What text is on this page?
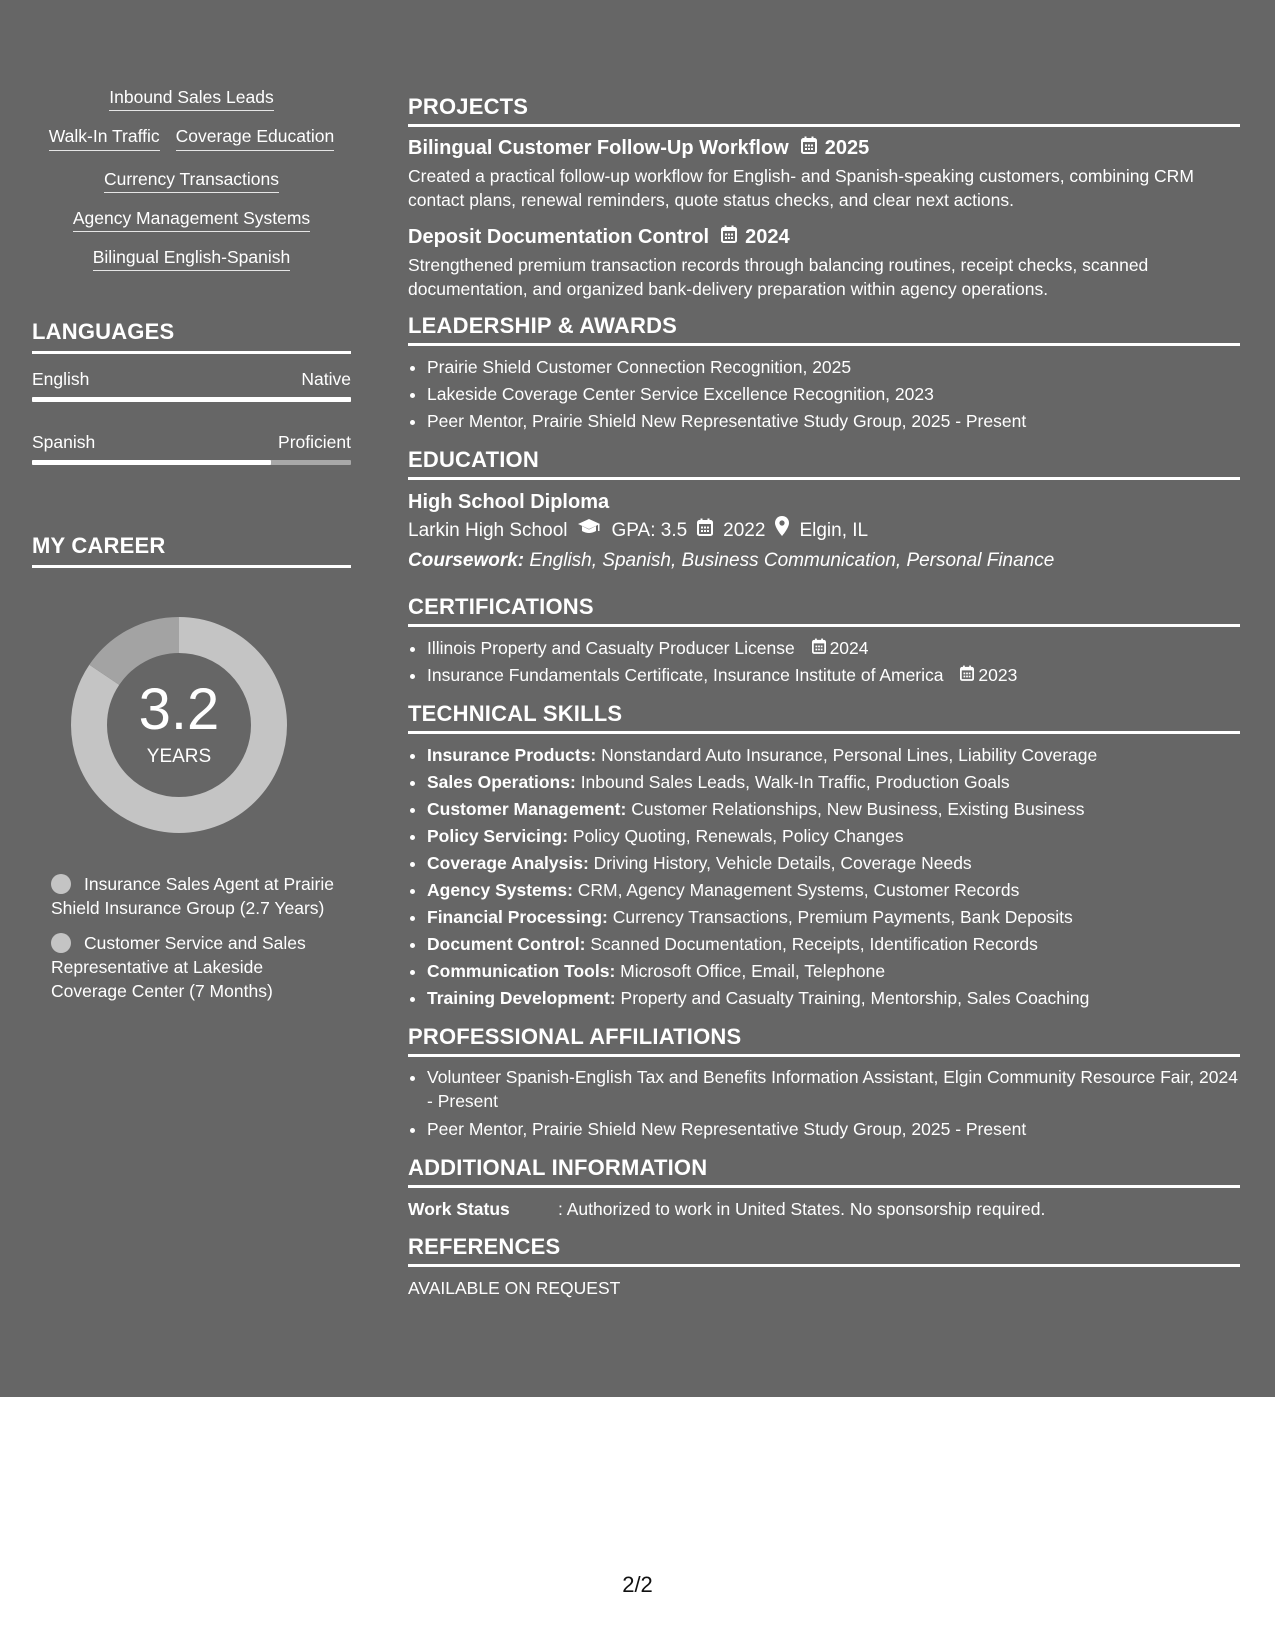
Inbound Sales Leads
Walk-In Traffic Coverage Education
Currency Transactions
Agency Management Systems
Bilingual English-Spanish
LANGUAGES
English	Native
Spanish	Proficient
MY CAREER
3.2
YEARS
Insurance Sales Agent at Prairie Shield Insurance Group (2.7 Years)
Customer Service and Sales Representative at Lakeside Coverage Center (7 Months)
PROJECTS
Bilingual Customer Follow-Up Workflow 2025
Created a practical follow-up workflow for English- and Spanish-speaking customers, combining CRM contact plans, renewal reminders, quote status checks, and clear next actions.
Deposit Documentation Control 2024
Strengthened premium transaction records through balancing routines, receipt checks, scanned documentation, and organized bank-delivery preparation within agency operations.
LEADERSHIP & AWARDS
• Prairie Shield Customer Connection Recognition, 2025
• Lakeside Coverage Center Service Excellence Recognition, 2023
• Peer Mentor, Prairie Shield New Representative Study Group, 2025 - Present
EDUCATION
High School Diploma
Larkin High School GPA: 3.5 2022 Elgin, IL
Coursework: English, Spanish, Business Communication, Personal Finance
CERTIFICATIONS
• Illinois Property and Casualty Producer License 2024
• Insurance Fundamentals Certificate, Insurance Institute of America 2023
TECHNICAL SKILLS
• Insurance Products: Nonstandard Auto Insurance, Personal Lines, Liability Coverage
• Sales Operations: Inbound Sales Leads, Walk-In Traffic, Production Goals
• Customer Management: Customer Relationships, New Business, Existing Business
• Policy Servicing: Policy Quoting, Renewals, Policy Changes
• Coverage Analysis: Driving History, Vehicle Details, Coverage Needs
• Agency Systems: CRM, Agency Management Systems, Customer Records
• Financial Processing: Currency Transactions, Premium Payments, Bank Deposits
• Document Control: Scanned Documentation, Receipts, Identification Records
• Communication Tools: Microsoft Office, Email, Telephone
• Training Development: Property and Casualty Training, Mentorship, Sales Coaching
PROFESSIONAL AFFILIATIONS
• Volunteer Spanish-English Tax and Benefits Information Assistant, Elgin Community Resource Fair, 2024 - Present
• Peer Mentor, Prairie Shield New Representative Study Group, 2025 - Present
ADDITIONAL INFORMATION
Work Status	: Authorized to work in United States. No sponsorship required.
REFERENCES
AVAILABLE ON REQUEST
2/2
